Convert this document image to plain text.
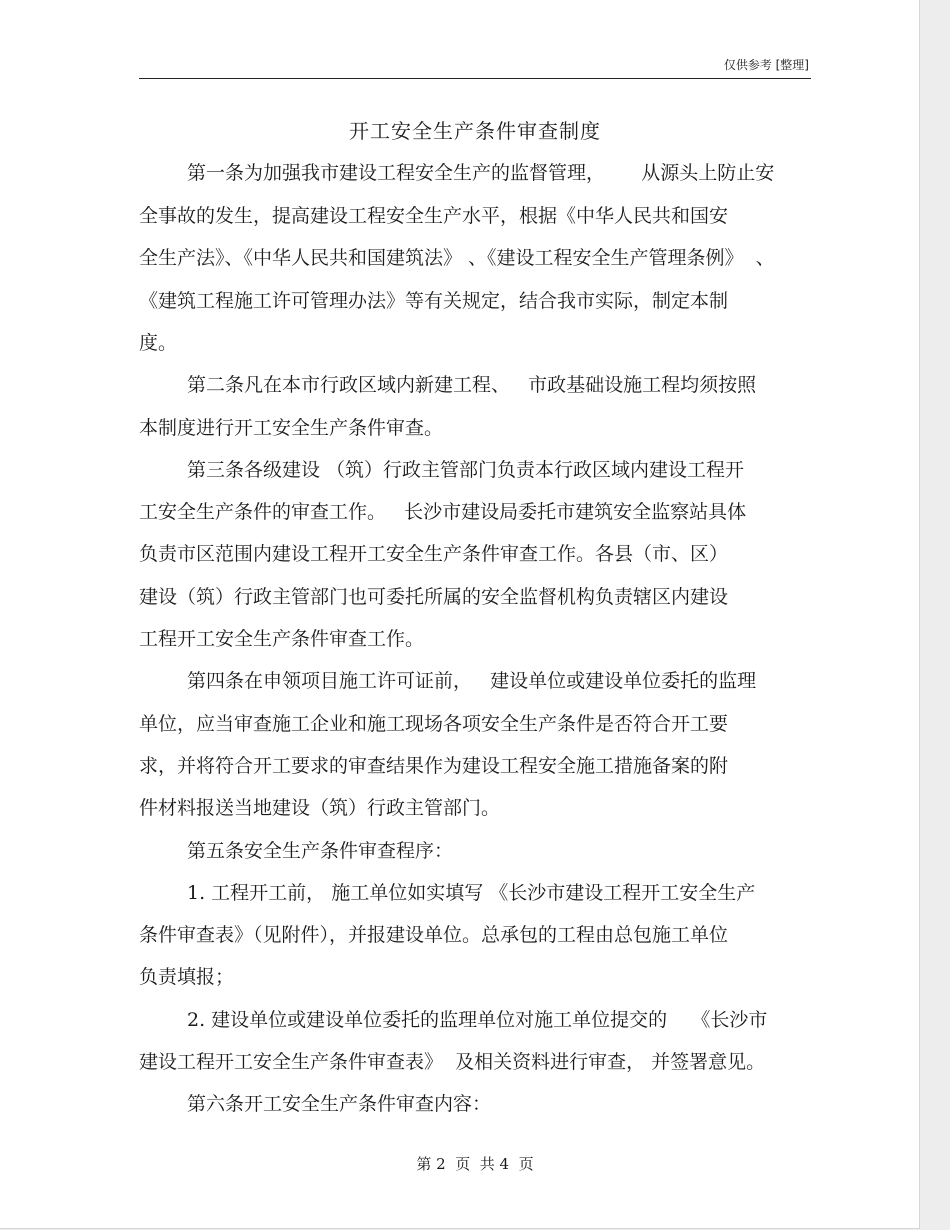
仅供参考 [整理]
开工安全生产条件审查制度
第一条为加强我市建设工程安全生产的监督管理，      从源头上防止安
全事故的发生，提高建设工程安全生产水平，根据《中华人民共和国安
全生产法》、《中华人民共和国建筑法》 、《建设工程安全生产管理条例》  、
《建筑工程施工许可管理办法》等有关规定，结合我市实际，制定本制
度。
第二条凡在本市行政区域内新建工程、   市政基础设施工程均须按照
本制度进行开工安全生产条件审查。
第三条各级建设 （筑）行政主管部门负责本行政区域内建设工程开
工安全生产条件的审查工作。   长沙市建设局委托市建筑安全监察站具体
负责市区范围内建设工程开工安全生产条件审查工作。各县（市、区）
建设（筑）行政主管部门也可委托所属的安全监督机构负责辖区内建设
工程开工安全生产条件审查工作。
第四条在申领项目施工许可证前，   建设单位或建设单位委托的监理
单位，应当审查施工企业和施工现场各项安全生产条件是否符合开工要
求，并将符合开工要求的审查结果作为建设工程安全施工措施备案的附
件材料报送当地建设（筑）行政主管部门。
第五条安全生产条件审查程序：
1. 工程开工前， 施工单位如实填写 《长沙市建设工程开工安全生产
条件审查表》（见附件），并报建设单位。总承包的工程由总包施工单位
负责填报；
2. 建设单位或建设单位委托的监理单位对施工单位提交的    《长沙市
建设工程开工安全生产条件审查表》  及相关资料进行审查， 并签署意见。
第六条开工安全生产条件审查内容：
第 2  页  共 4  页
